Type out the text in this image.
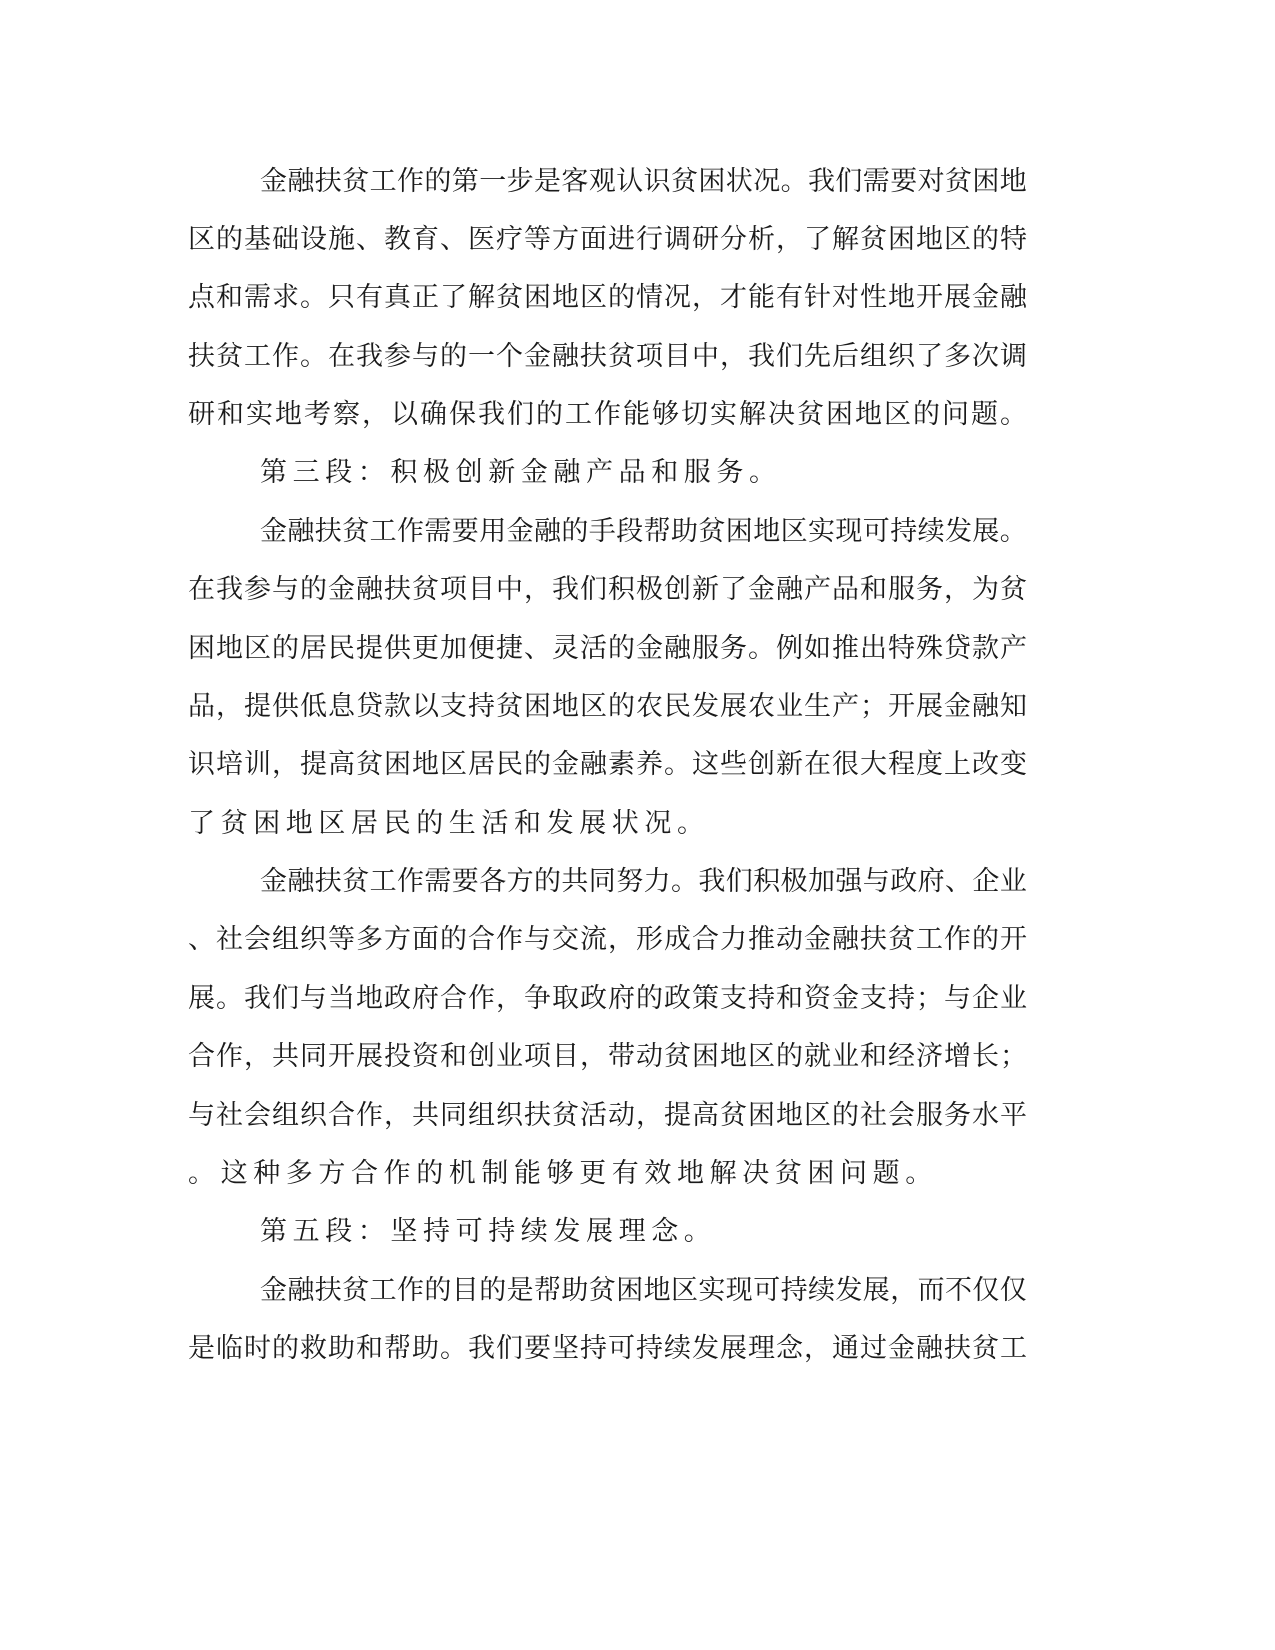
金融扶贫工作的第一步是客观认识贫困状况。我们需要对贫困地
区的基础设施、教育、医疗等方面进行调研分析，了解贫困地区的特
点和需求。只有真正了解贫困地区的情况，才能有针对性地开展金融
扶贫工作。在我参与的一个金融扶贫项目中，我们先后组织了多次调
研和实地考察，以确保我们的工作能够切实解决贫困地区的问题。
第三段：积极创新金融产品和服务。
金融扶贫工作需要用金融的手段帮助贫困地区实现可持续发展。
在我参与的金融扶贫项目中，我们积极创新了金融产品和服务，为贫
困地区的居民提供更加便捷、灵活的金融服务。例如推出特殊贷款产
品，提供低息贷款以支持贫困地区的农民发展农业生产；开展金融知
识培训，提高贫困地区居民的金融素养。这些创新在很大程度上改变
了贫困地区居民的生活和发展状况。
金融扶贫工作需要各方的共同努力。我们积极加强与政府、企业
、社会组织等多方面的合作与交流，形成合力推动金融扶贫工作的开
展。我们与当地政府合作，争取政府的政策支持和资金支持；与企业
合作，共同开展投资和创业项目，带动贫困地区的就业和经济增长；
与社会组织合作，共同组织扶贫活动，提高贫困地区的社会服务水平
。这种多方合作的机制能够更有效地解决贫困问题。
第五段：坚持可持续发展理念。
金融扶贫工作的目的是帮助贫困地区实现可持续发展，而不仅仅
是临时的救助和帮助。我们要坚持可持续发展理念，通过金融扶贫工
